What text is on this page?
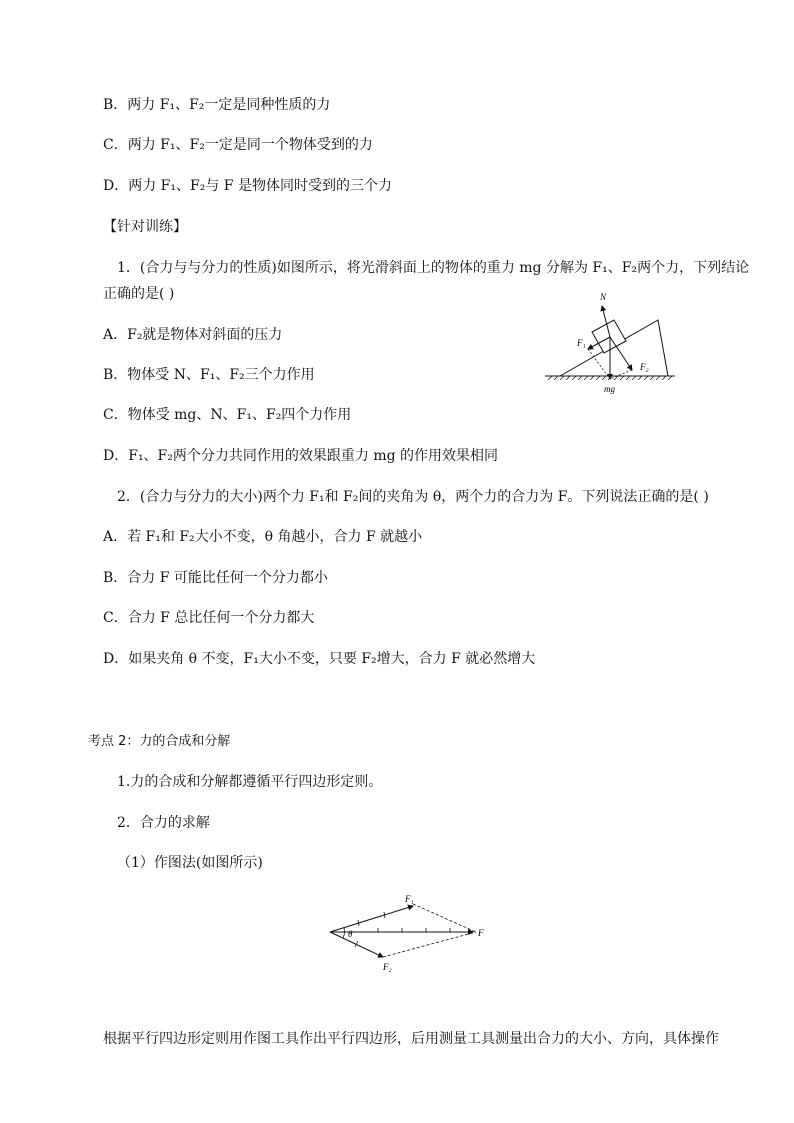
B．两力 F₁、F₂一定是同种性质的力
C．两力 F₁、F₂一定是同一个物体受到的力
D．两力 F₁、F₂与 F 是物体同时受到的三个力
【针对训练】
1．(合力与与分力的性质)如图所示，将光滑斜面上的物体的重力 mg 分解为 F₁、F₂两个力，下列结论
正确的是( )
A．F₂就是物体对斜面的压力
B．物体受 N、F₁、F₂三个力作用
C．物体受 mg、N、F₁、F₂四个力作用
D．F₁、F₂两个分力共同作用的效果跟重力 mg 的作用效果相同
2．(合力与分力的大小)两个力 F₁和 F₂间的夹角为 θ，两个力的合力为 F。下列说法正确的是( )
A．若 F₁和 F₂大小不变，θ 角越小，合力 F 就越小
B．合力 F 可能比任何一个分力都小
C．合力 F 总比任何一个分力都大
D．如果夹角 θ 不变，F₁大小不变，只要 F₂增大，合力 F 就必然增大
考点 2：力的合成和分解
1.力的合成和分解都遵循平行四边形定则。
2．合力的求解
（1）作图法(如图所示)
根据平行四边形定则用作图工具作出平行四边形，后用测量工具测量出合力的大小、方向，具体操作
N
F₁
F₂
mg
F₁
F
F₂
θ
